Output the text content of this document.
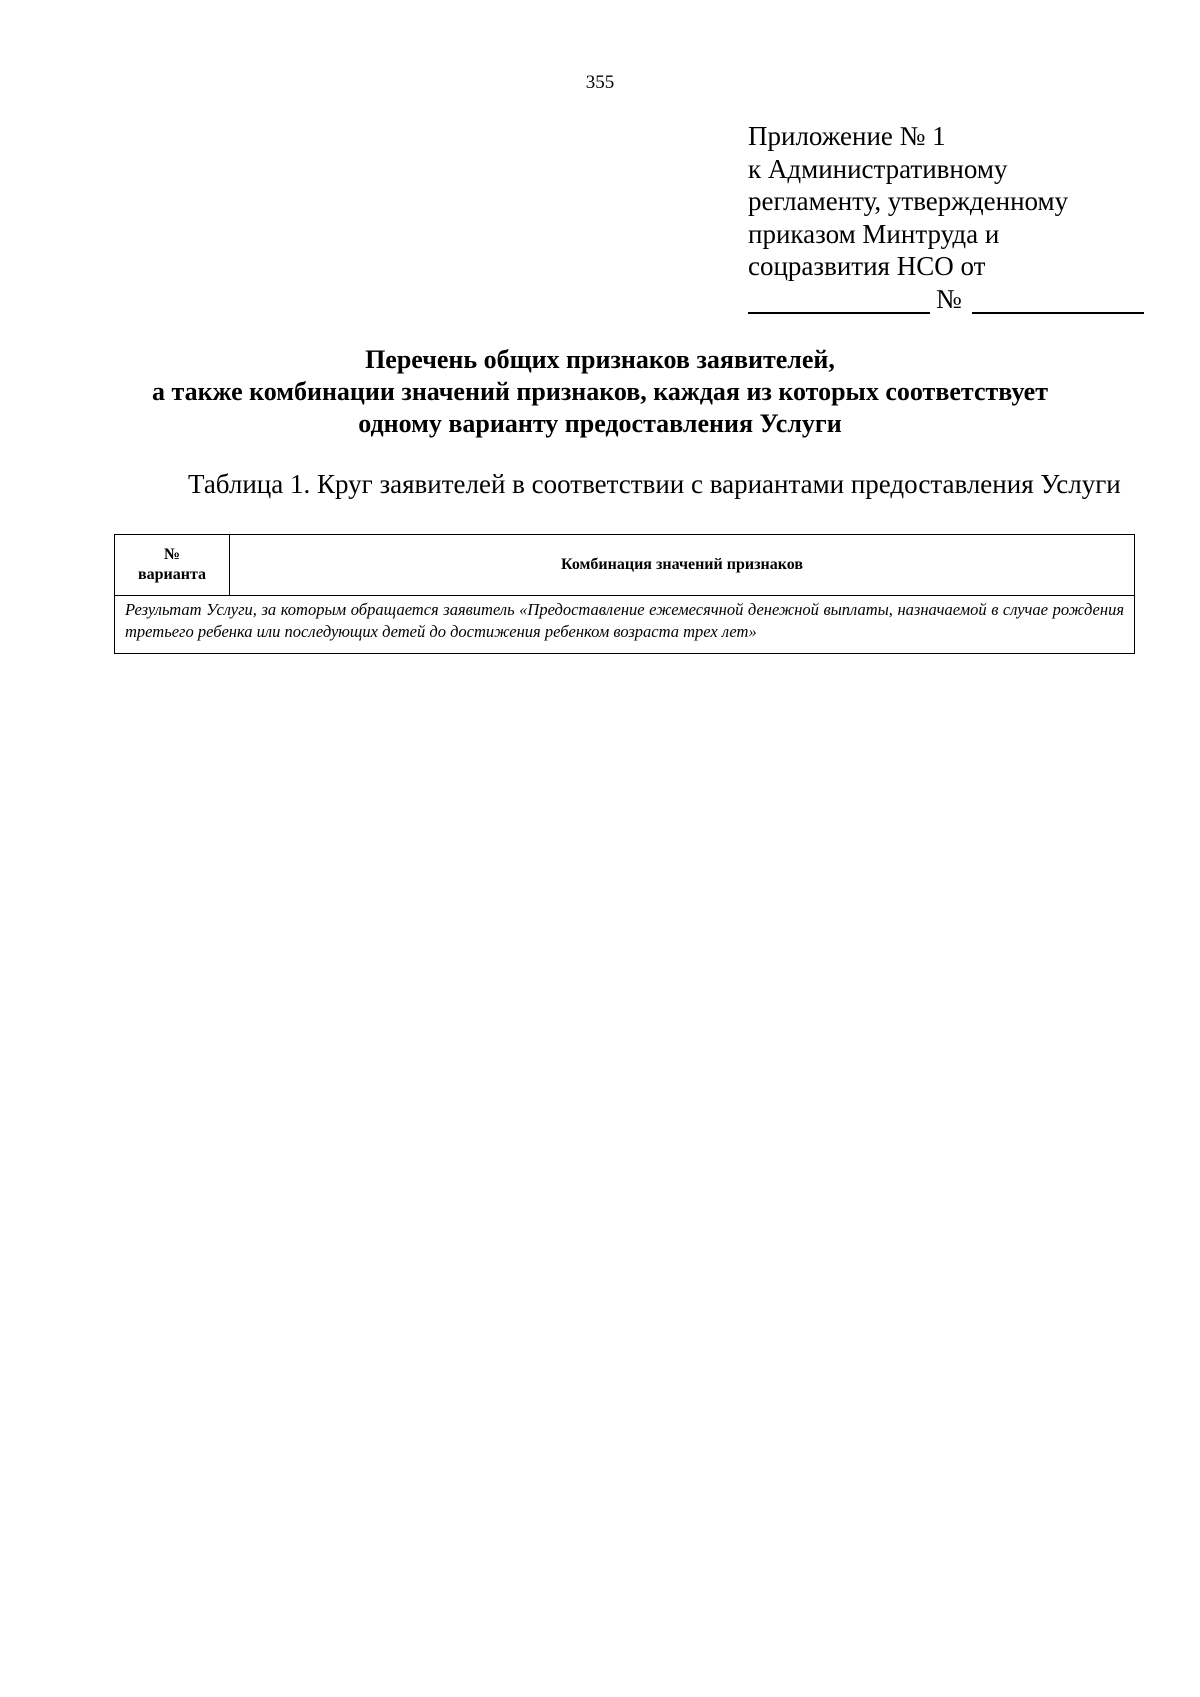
355
Приложение № 1
к Административному
регламенту, утвержденному
приказом Минтруда и
соцразвития НСО от
№
Перечень общих признаков заявителей,
а также комбинации значений признаков, каждая из которых соответствует
одному варианту предоставления Услуги
Таблица 1. Круг заявителей в соответствии с вариантами предоставления Услуги
№
варианта
	Комбинация значений признаков
Результат Услуги, за которым обращается заявитель «Предоставление ежемесячной денежной выплаты, назначаемой в случае рождения третьего ребенка или последующих детей до достижения ребенком возраста трех лет»
